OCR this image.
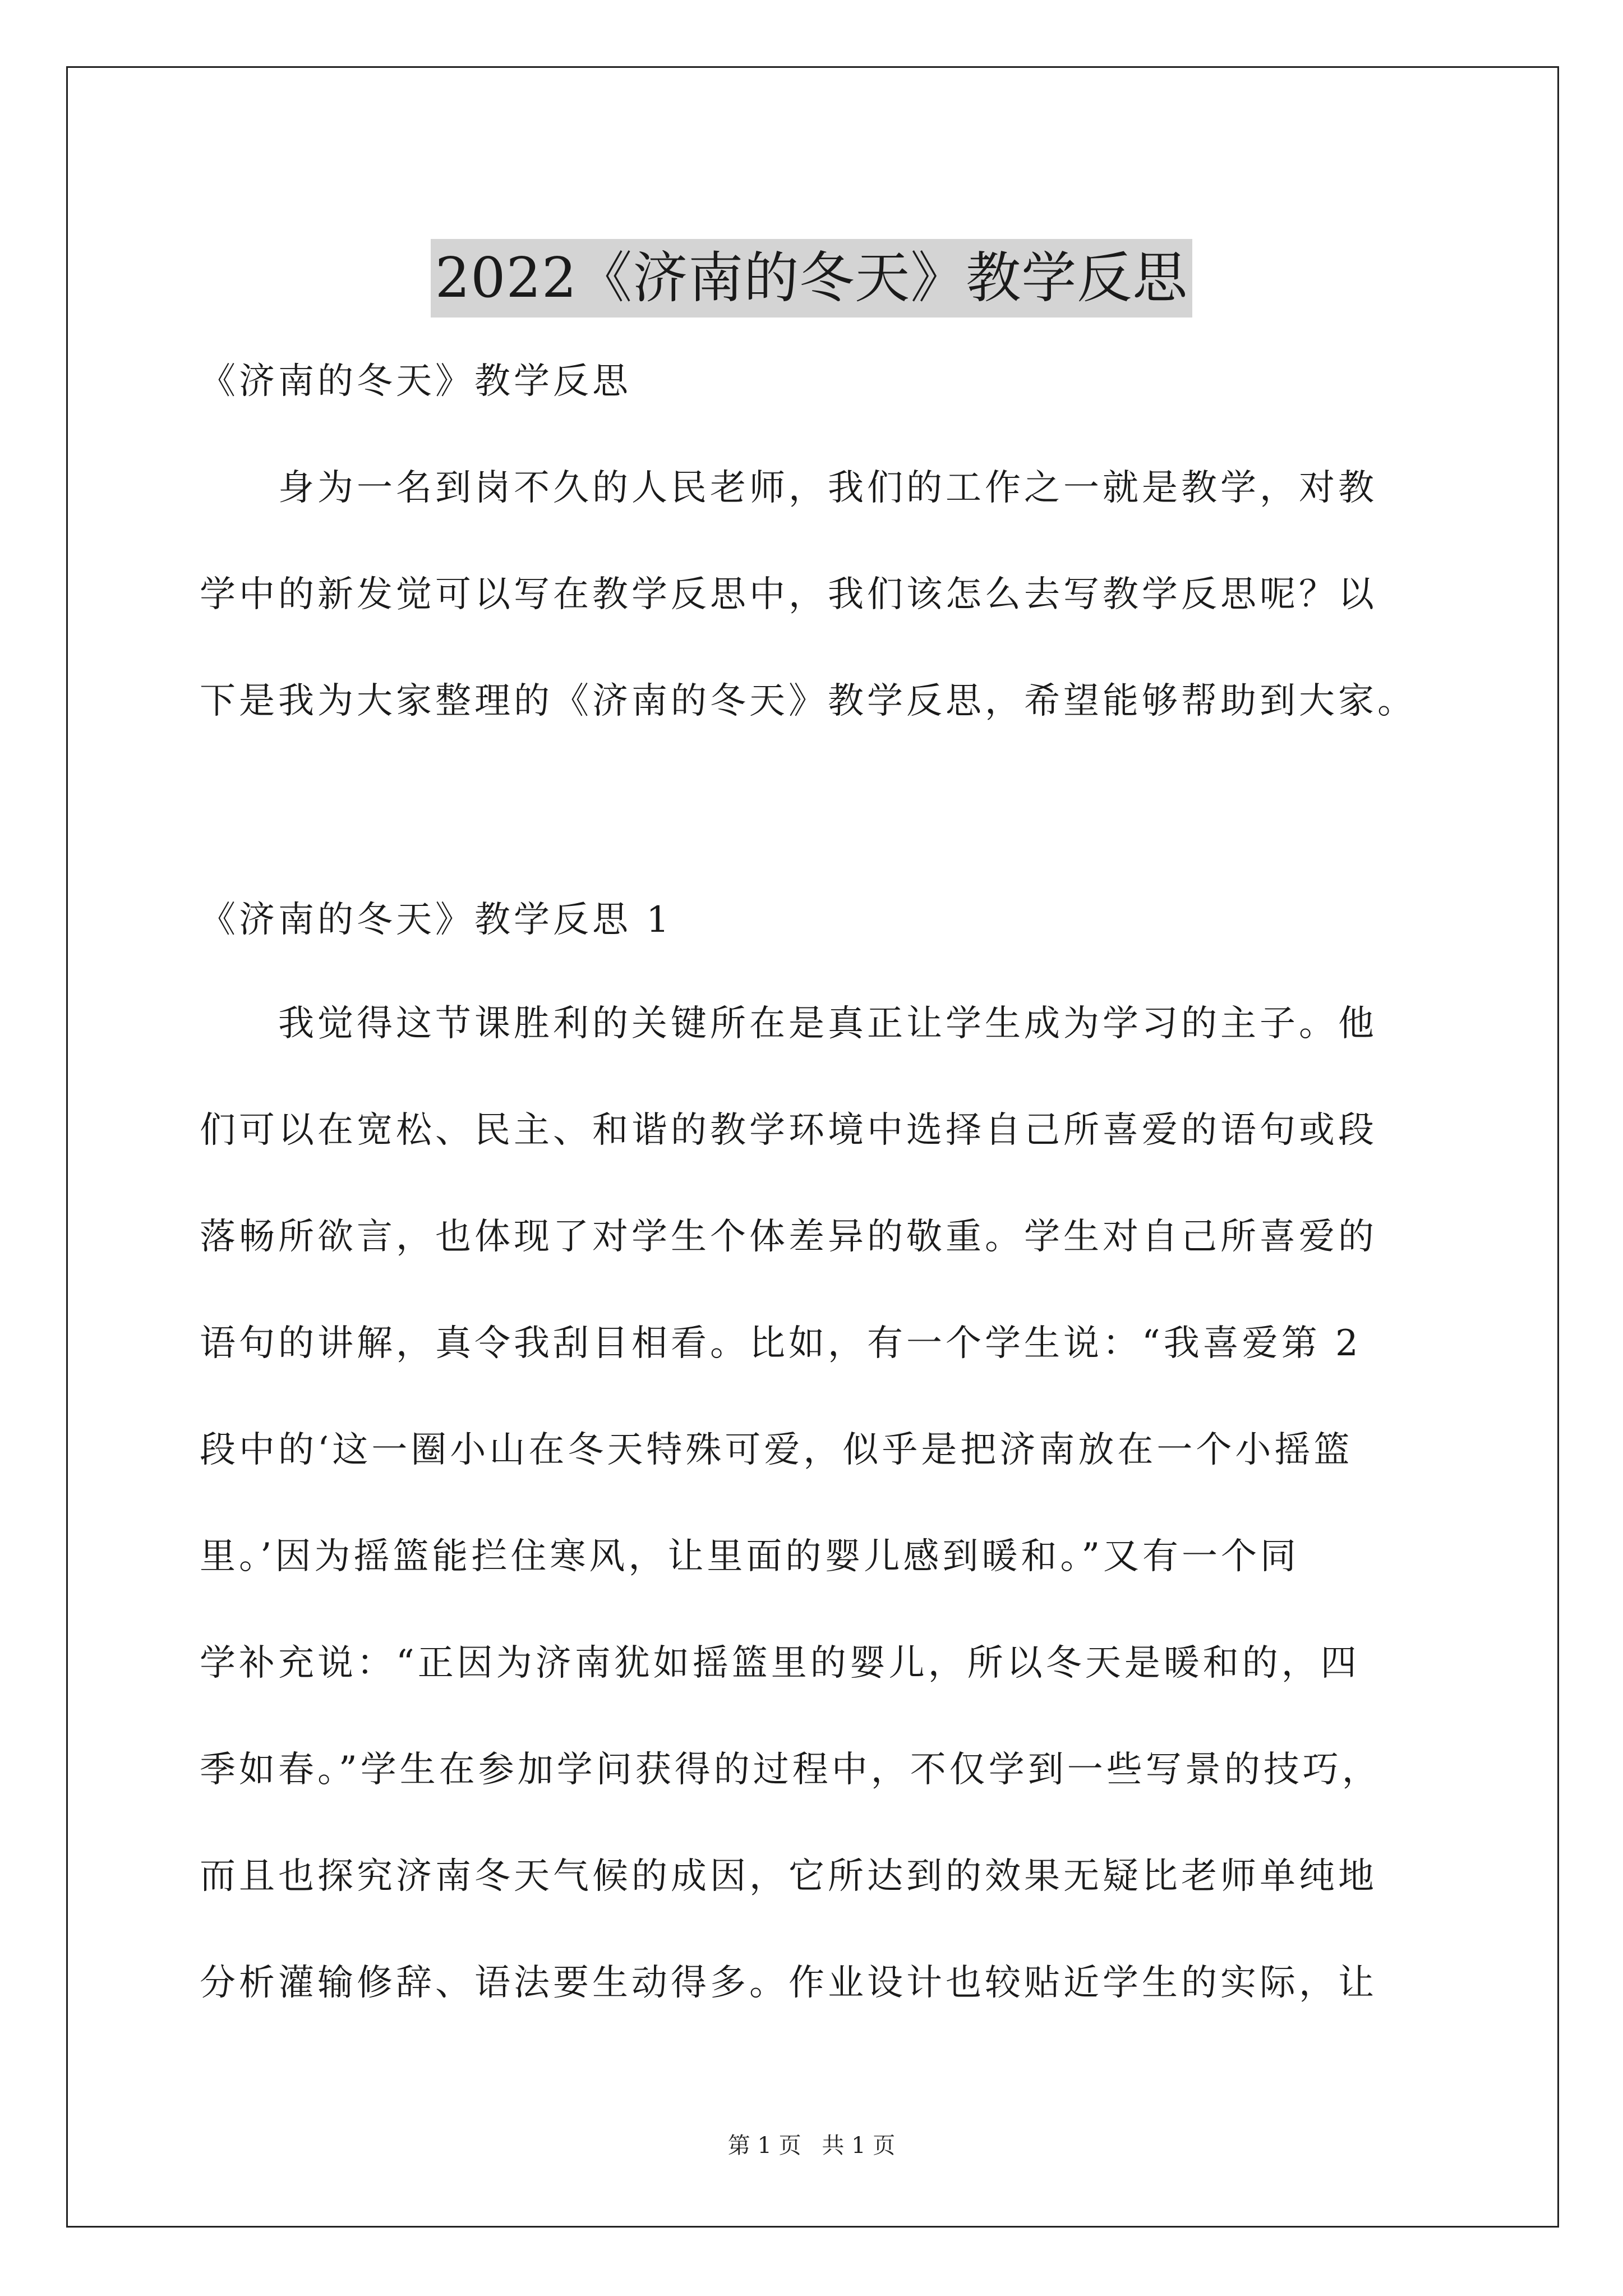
2022《济南的冬天》教学反思
《济南的冬天》教学反思
　　身为一名到岗不久的人民老师，我们的工作之一就是教学，对教
学中的新发觉可以写在教学反思中，我们该怎么去写教学反思呢？以
下是我为大家整理的《济南的冬天》教学反思，希望能够帮助到大家。
《济南的冬天》教学反思 1
　　我觉得这节课胜利的关键所在是真正让学生成为学习的主子。他
们可以在宽松、民主、和谐的教学环境中选择自己所喜爱的语句或段
落畅所欲言，也体现了对学生个体差异的敬重。学生对自己所喜爱的
语句的讲解，真令我刮目相看。比如，有一个学生说：“我喜爱第 2
段中的‘这一圈小山在冬天特殊可爱，似乎是把济南放在一个小摇篮
里。’因为摇篮能拦住寒风，让里面的婴儿感到暖和。”又有一个同
学补充说：“正因为济南犹如摇篮里的婴儿，所以冬天是暖和的，四
季如春。”学生在参加学问获得的过程中，不仅学到一些写景的技巧，
而且也探究济南冬天气候的成因，它所达到的效果无疑比老师单纯地
分析灌输修辞、语法要生动得多。作业设计也较贴近学生的实际，让
第 1 页 共 1 页
